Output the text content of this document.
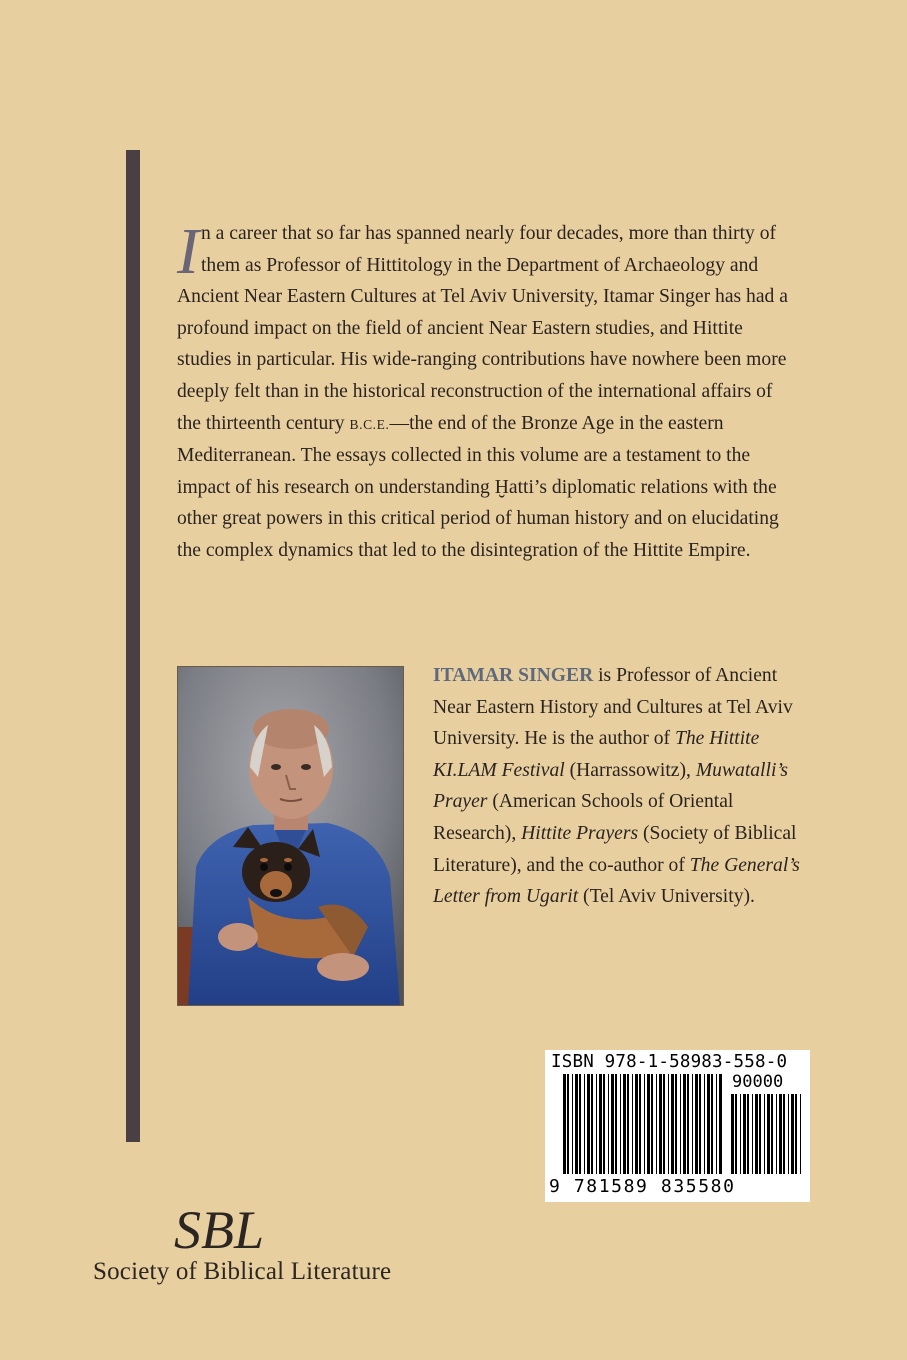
In a career that so far has spanned nearly four decades, more than thirty of them as Professor of Hittitology in the Department of Archaeology and Ancient Near Eastern Cultures at Tel Aviv University, Itamar Singer has had a profound impact on the field of ancient Near Eastern studies, and Hittite studies in particular. His wide-ranging contributions have nowhere been more deeply felt than in the historical reconstruction of the international affairs of the thirteenth century B.C.E.—the end of the Bronze Age in the eastern Mediterranean. The essays collected in this volume are a testament to the impact of his research on understanding Ḫatti’s diplomatic relations with the other great powers in this critical period of human history and on elucidating the complex dynamics that led to the disintegration of the Hittite Empire.

ITAMAR SINGER is Professor of Ancient Near Eastern History and Cultures at Tel Aviv University. He is the author of The Hittite KI.LAM Festival (Harrassowitz), Muwatalli’s Prayer (American Schools of Oriental Research), Hittite Prayers (Society of Biblical Literature), and the co-author of The General’s Letter from Ugarit (Tel Aviv University).
ISBN 978-1-58983-558-0
90000
9 781589 835580
SBL
Society of Biblical Literature
